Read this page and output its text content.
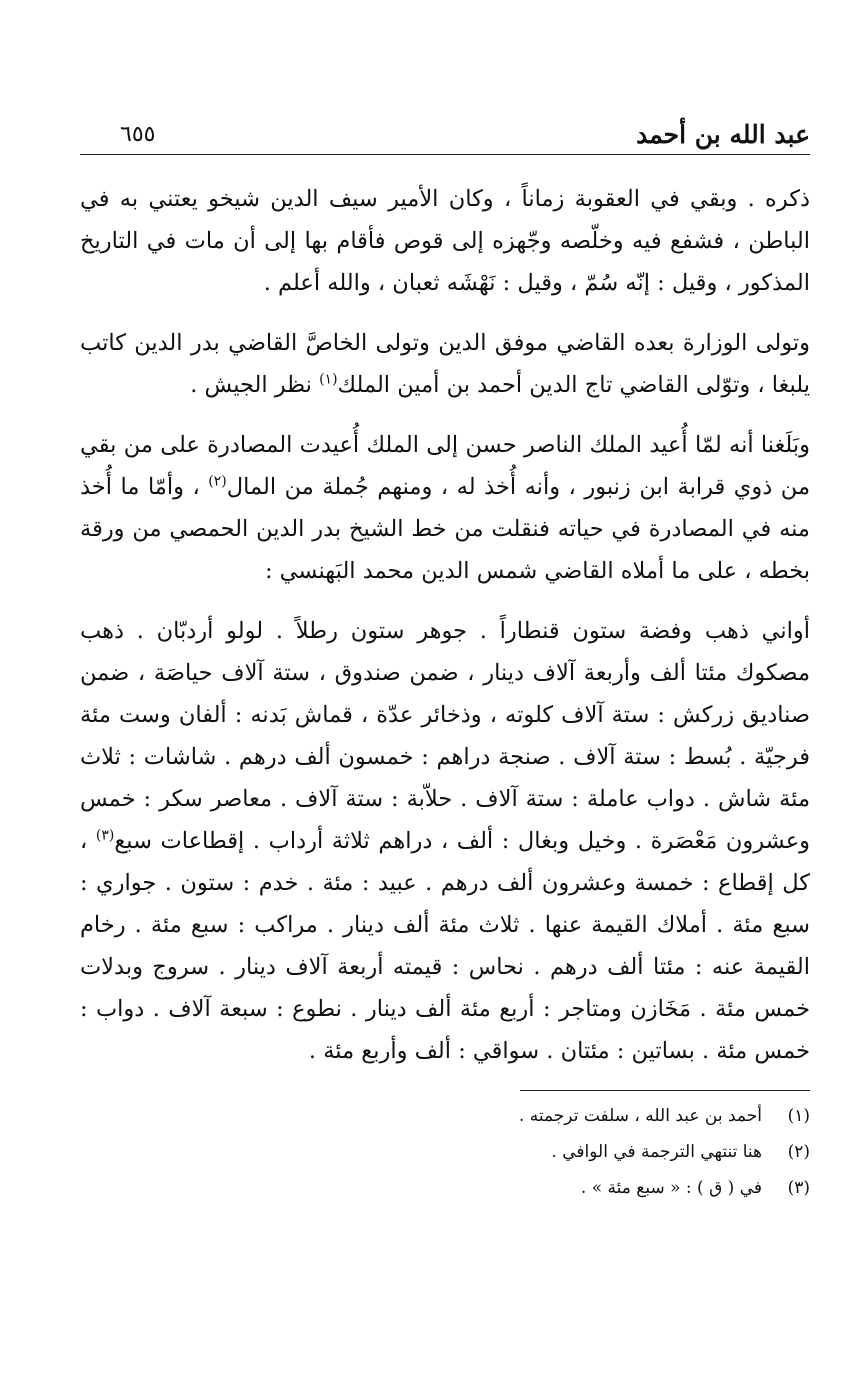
عبد الله بن أحمد
٦٥٥

ذكره . وبقي في العقوبة زماناً ، وكان الأمير سيف الدين شيخو يعتني به في الباطن ، فشفع فيه وخلّصه وجّهزه إلى قوص فأقام بها إلى أن مات في التاريخ المذكور ، وقيل : إنّه سُمّ ، وقيل : نَهْشَه ثعبان ، والله أعلم .

وتولى الوزارة بعده القاضي موفق الدين وتولى الخاصَّ القاضي بدر الدين كاتب يلبغا ، وتوّلى القاضي تاج الدين أحمد بن أمين الملك$^{(١)}$ نظر الجيش .

وبَلَغنا أنه لمّا أُعيد الملك الناصر حسن إلى الملك أُعيدت المصادرة على من بقي من ذوي قرابة ابن زنبور ، وأنه أُخذ له ، ومنهم جُملة من المال$^{(٢)}$ ، وأمّا ما أُخذ منه في المصادرة في حياته فنقلت من خط الشيخ بدر الدين الحمصي من ورقة بخطه ، على ما أملاه القاضي شمس الدين محمد البَهنسي :

أواني ذهب وفضة ستون قنطاراً . جوهر ستون رطلاً . لولو أردبّان . ذهب مصكوك مئتا ألف وأربعة آلاف دينار ، ضمن صندوق ، ستة آلاف حياصَة ، ضمن صناديق زركش : ستة آلاف كلوته ، وذخائر عدّة ، قماش بَدنه : ألفان وست مئة فرجيّة . بُسط : ستة آلاف . صنجة دراهم : خمسون ألف درهم . شاشات : ثلاث مئة شاش . دواب عاملة : ستة آلاف . حلاّبة : ستة آلاف . معاصر سكر : خمس وعشرون مَعْصَرة . وخيل وبغال : ألف ، دراهم ثلاثة أرداب . إقطاعات سبع$^{(٣)}$ ، كل إقطاع : خمسة وعشرون ألف درهم . عبيد : مئة . خدم : ستون . جواري : سبع مئة . أملاك القيمة عنها . ثلاث مئة ألف دينار . مراكب : سبع مئة . رخام القيمة عنه : مئتا ألف درهم . نحاس : قيمته أربعة آلاف دينار . سروج وبدلات خمس مئة . مَخَازن ومتاجر : أربع مئة ألف دينار . نطوع : سبعة آلاف . دواب : خمس مئة . بساتين : مئتان . سواقي : ألف وأربع مئة .

(١)
أحمد بن عبد الله ، سلفت ترجمته .
(٢)
هنا تنتهي الترجمة في الوافي .
(٣)
في ( ق ) : « سبع مئة » .
